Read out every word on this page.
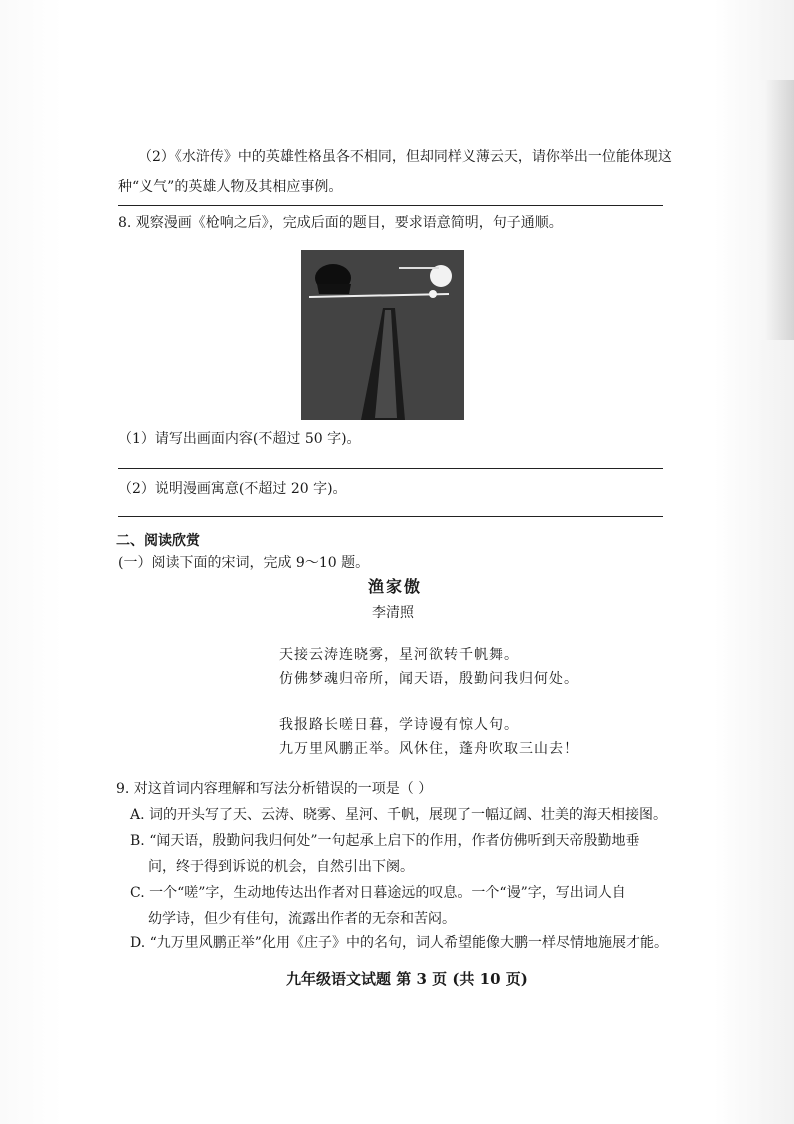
（2）《水浒传》中的英雄性格虽各不相同，但却同样义薄云天，请你举出一位能体现这
种“义气”的英雄人物及其相应事例。
8. 观察漫画《枪响之后》，完成后面的题目，要求语意简明，句子通顺。
（1）请写出画面内容(不超过 50 字)。
（2）说明漫画寓意(不超过 20 字)。
二、阅读欣赏
(一）阅读下面的宋词，完成 9～10 题。
渔家傲
李清照
天接云涛连晓雾，星河欲转千帆舞。
仿佛梦魂归帝所，闻天语，殷勤问我归何处。
我报路长嗟日暮，学诗谩有惊人句。
九万里风鹏正举。风休住，蓬舟吹取三山去！
9. 对这首词内容理解和写法分析错误的一项是（ ）
A. 词的开头写了天、云涛、晓雾、星河、千帆，展现了一幅辽阔、壮美的海天相接图。
B. “闻天语，殷勤问我归何处”一句起承上启下的作用，作者仿佛听到天帝殷勤地垂
问，终于得到诉说的机会，自然引出下阕。
C. 一个“嗟”字，生动地传达出作者对日暮途远的叹息。一个“谩”字，写出词人自
幼学诗，但少有佳句，流露出作者的无奈和苦闷。
D. “九万里风鹏正举”化用《庄子》中的名句，词人希望能像大鹏一样尽情地施展才能。
九年级语文试题 第 3 页 (共 10 页)
